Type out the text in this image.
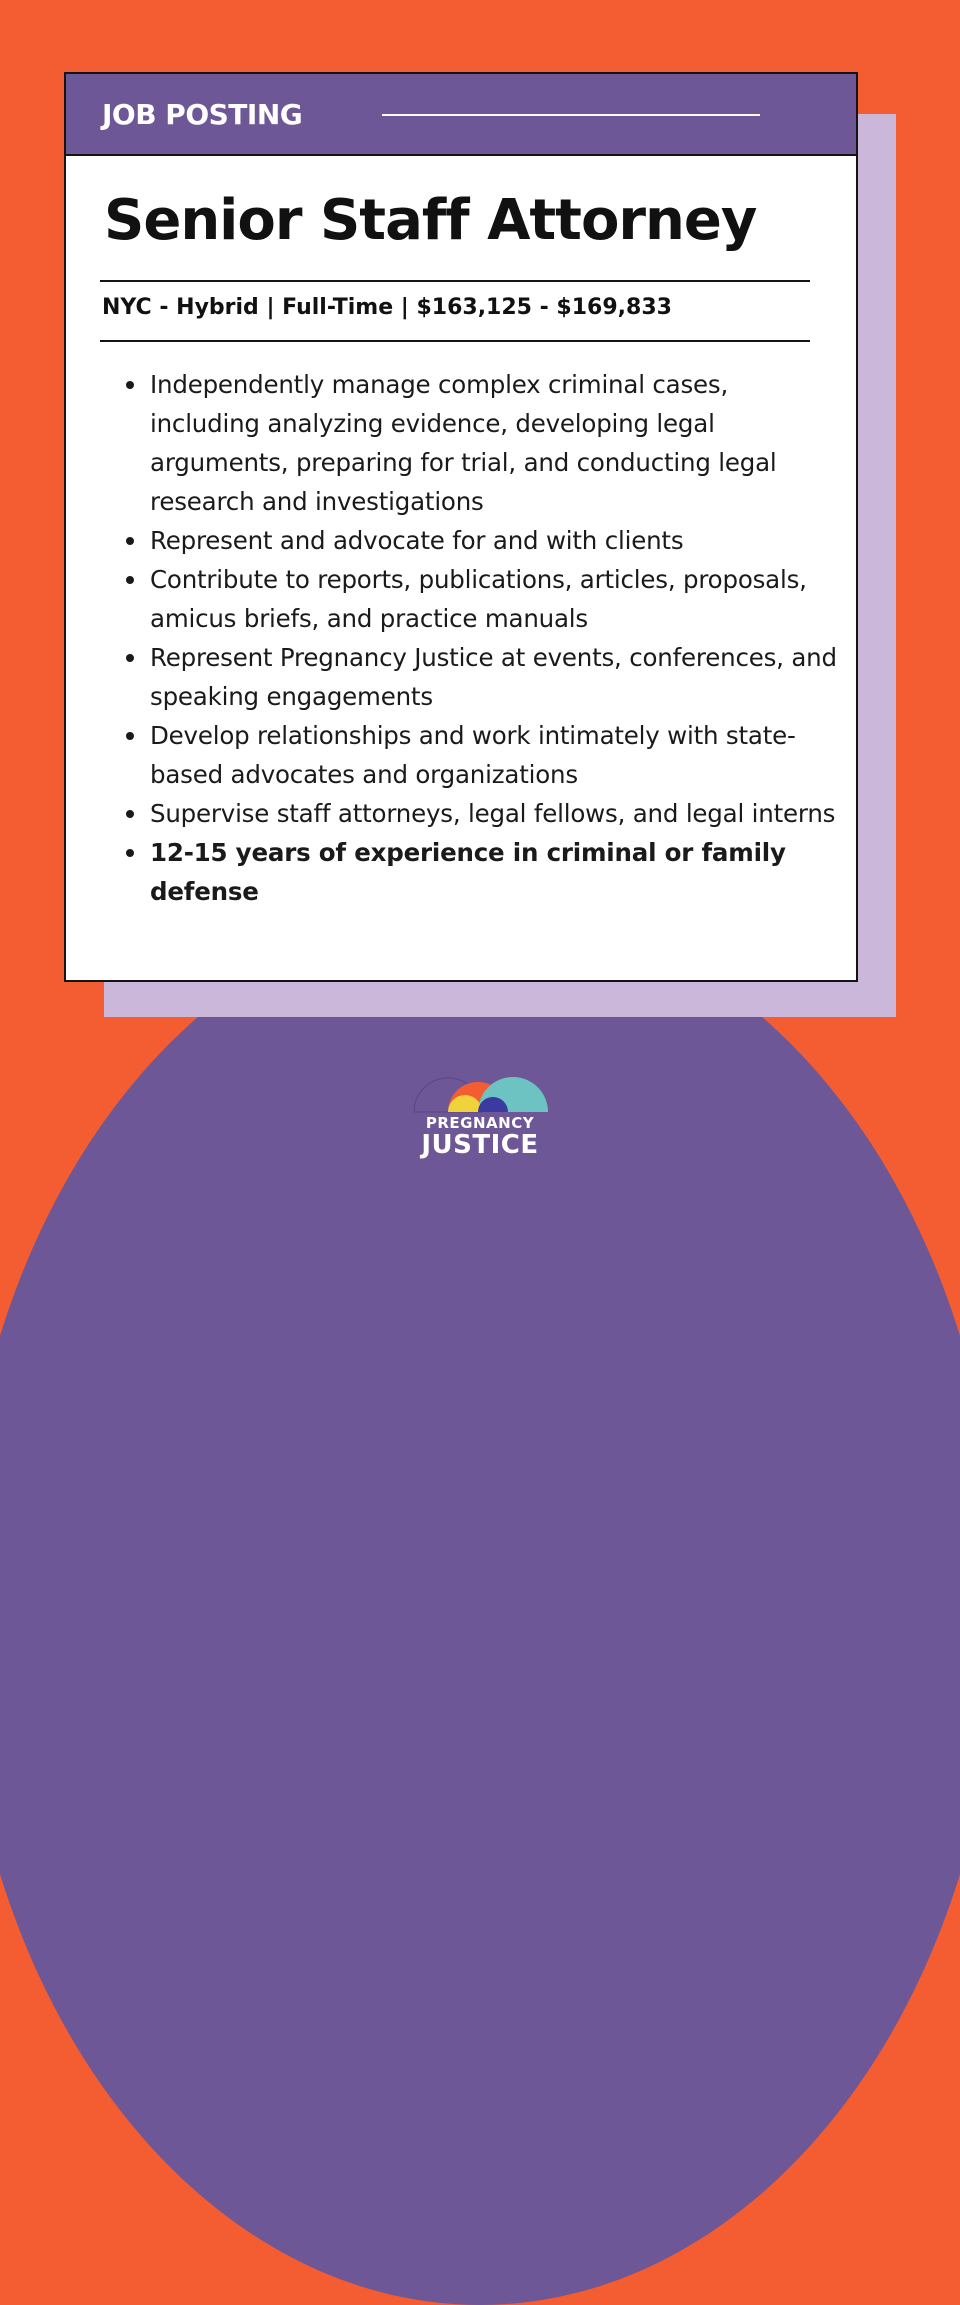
JOB POSTING
Senior Staff Attorney
NYC - Hybrid | Full-Time | $163,125 - $169,833
Independently manage complex criminal cases, including analyzing evidence, developing legal arguments, preparing for trial, and conducting legal research and investigations
Represent and advocate for and with clients
Contribute to reports, publications, articles, proposals, amicus briefs, and practice manuals
Represent Pregnancy Justice at events, conferences, and speaking engagements
Develop relationships and work intimately with state-based advocates and organizations
Supervise staff attorneys, legal fellows, and legal interns
12-15 years of experience in criminal or family defense
PREGNANCY
JUSTICE
